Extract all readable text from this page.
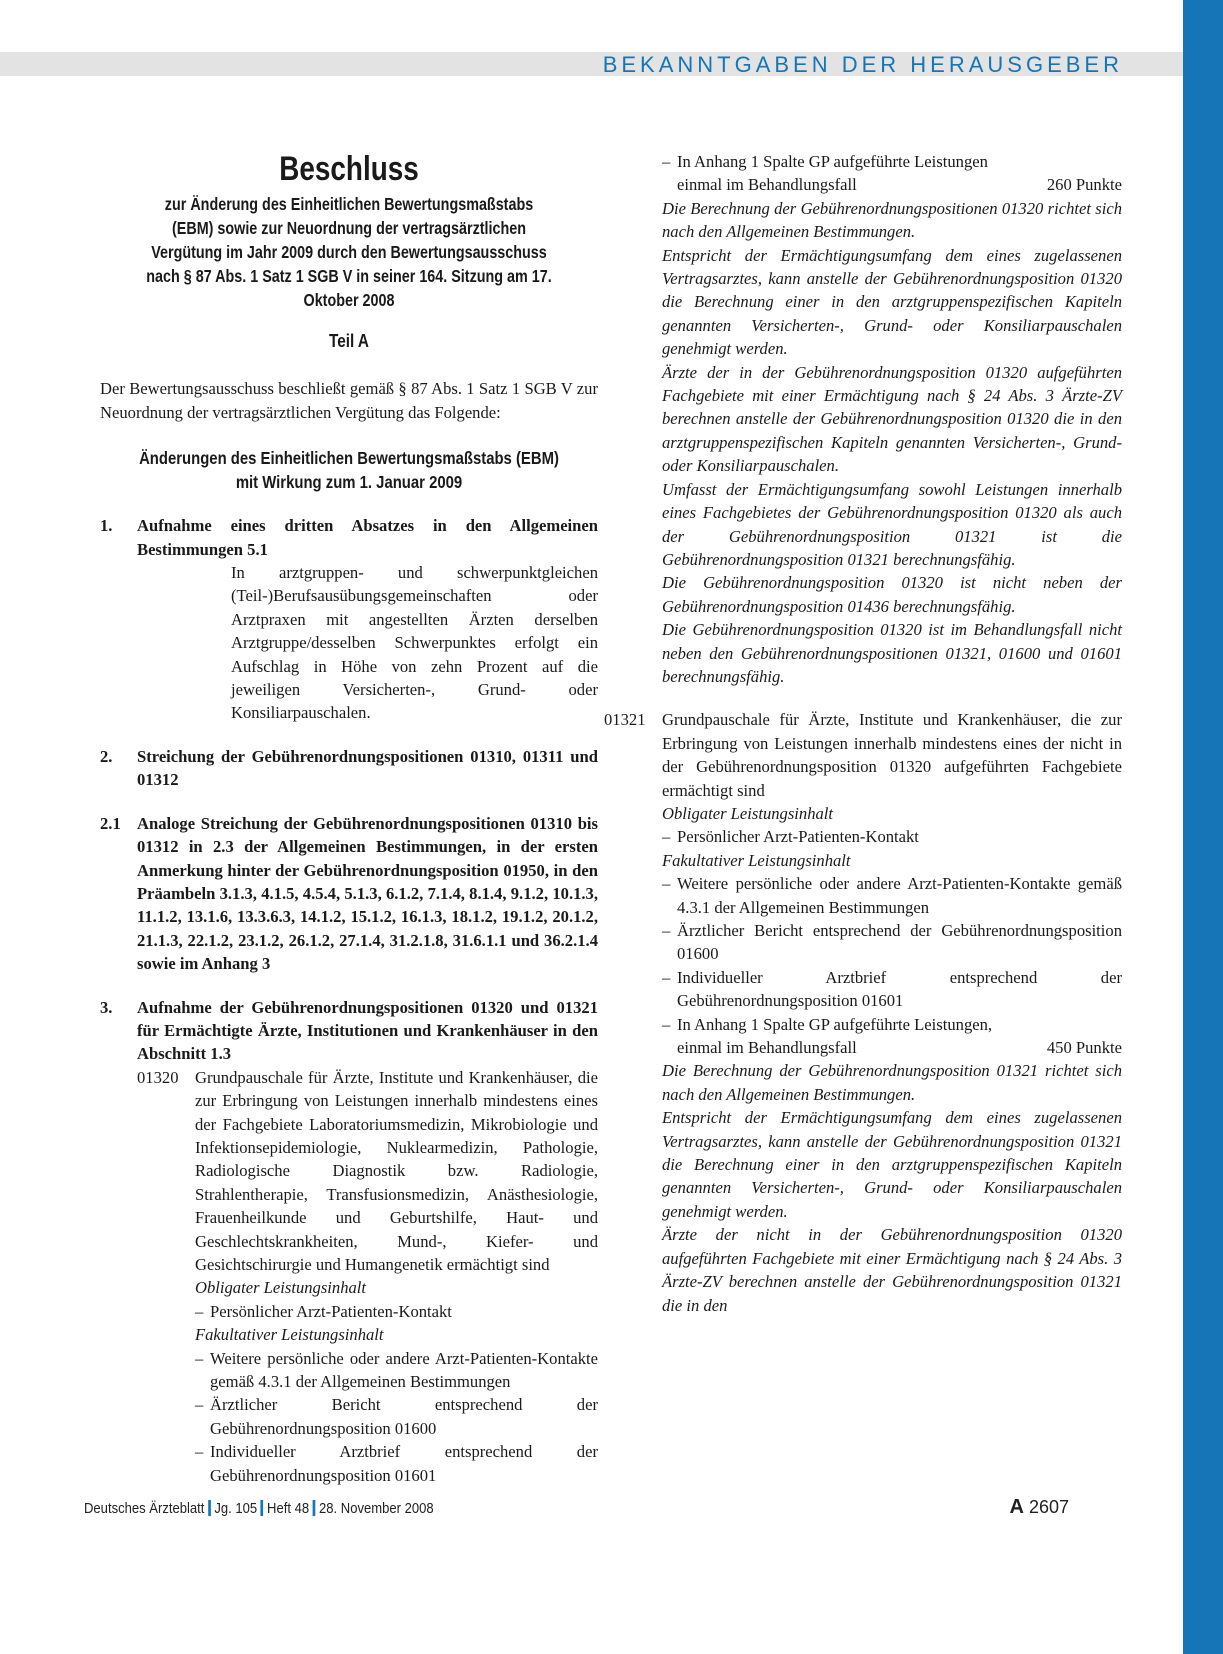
BEKANNTGABEN DER HERAUSGEBER
Beschluss
zur Änderung des Einheitlichen Bewertungsmaßstabs (EBM) sowie zur Neuordnung der vertragsärztlichen Vergütung im Jahr 2009 durch den Bewertungsausschuss nach § 87 Abs. 1 Satz 1 SGB V in seiner 164. Sitzung am 17. Oktober 2008
Teil A
Der Bewertungsausschuss beschließt gemäß § 87 Abs. 1 Satz 1 SGB V zur Neuordnung der vertragsärztlichen Vergütung das Folgende:
Änderungen des Einheitlichen Bewertungsmaßstabs (EBM) mit Wirkung zum 1. Januar 2009
1. Aufnahme eines dritten Absatzes in den Allgemeinen Bestimmungen 5.1
In arztgruppen- und schwerpunktgleichen (Teil-)Berufsausübungsgemeinschaften oder Arztpraxen mit angestellten Ärzten derselben Arztgruppe/desselben Schwerpunktes erfolgt ein Aufschlag in Höhe von zehn Prozent auf die jeweiligen Versicherten-, Grund- oder Konsiliarpauschalen.
2. Streichung der Gebührenordnungspositionen 01310, 01311 und 01312
2.1 Analoge Streichung der Gebührenordnungspositionen 01310 bis 01312 in 2.3 der Allgemeinen Bestimmungen, in der ersten Anmerkung hinter der Gebührenordnungsposition 01950, in den Präambeln 3.1.3, 4.1.5, 4.5.4, 5.1.3, 6.1.2, 7.1.4, 8.1.4, 9.1.2, 10.1.3, 11.1.2, 13.1.6, 13.3.6.3, 14.1.2, 15.1.2, 16.1.3, 18.1.2, 19.1.2, 20.1.2, 21.1.3, 22.1.2, 23.1.2, 26.1.2, 27.1.4, 31.2.1.8, 31.6.1.1 und 36.2.1.4 sowie im Anhang 3
3. Aufnahme der Gebührenordnungspositionen 01320 und 01321 für Ermächtigte Ärzte, Institutionen und Krankenhäuser in den Abschnitt 1.3
01320 Grundpauschale für Ärzte, Institute und Krankenhäuser, die zur Erbringung von Leistungen innerhalb mindestens eines der Fachgebiete Laboratoriumsmedizin, Mikrobiologie und Infektionsepidemiologie, Nuklearmedizin, Pathologie, Radiologische Diagnostik bzw. Radiologie, Strahlentherapie, Transfusionsmedizin, Anästhesiologie, Frauenheilkunde und Geburtshilfe, Haut- und Geschlechtskrankheiten, Mund-, Kiefer- und Gesichtschirurgie und Humangenetik ermächtigt sind
Obligater Leistungsinhalt
– Persönlicher Arzt-Patienten-Kontakt
Fakultativer Leistungsinhalt
– Weitere persönliche oder andere Arzt-Patienten-Kontakte gemäß 4.3.1 der Allgemeinen Bestimmungen
– Ärztlicher Bericht entsprechend der Gebührenordnungsposition 01600
– Individueller Arztbrief entsprechend der Gebührenordnungsposition 01601
– In Anhang 1 Spalte GP aufgeführte Leistungen
einmal im Behandlungsfall	260 Punkte
Die Berechnung der Gebührenordnungspositionen 01320 richtet sich nach den Allgemeinen Bestimmungen.
Entspricht der Ermächtigungsumfang dem eines zugelassenen Vertragsarztes, kann anstelle der Gebührenordnungsposition 01320 die Berechnung einer in den arztgruppenspezifischen Kapiteln genannten Versicherten-, Grund- oder Konsiliarpauschalen genehmigt werden.
Ärzte der in der Gebührenordnungsposition 01320 aufgeführten Fachgebiete mit einer Ermächtigung nach § 24 Abs. 3 Ärzte-ZV berechnen anstelle der Gebührenordnungsposition 01320 die in den arztgruppenspezifischen Kapiteln genannten Versicherten-, Grund- oder Konsiliarpauschalen.
Umfasst der Ermächtigungsumfang sowohl Leistungen innerhalb eines Fachgebietes der Gebührenordnungsposition 01320 als auch der Gebührenordnungsposition 01321 ist die Gebührenordnungsposition 01321 berechnungsfähig.
Die Gebührenordnungsposition 01320 ist nicht neben der Gebührenordnungsposition 01436 berechnungsfähig.
Die Gebührenordnungsposition 01320 ist im Behandlungsfall nicht neben den Gebührenordnungspositionen 01321, 01600 und 01601 berechnungsfähig.
01321 Grundpauschale für Ärzte, Institute und Krankenhäuser, die zur Erbringung von Leistungen innerhalb mindestens eines der nicht in der Gebührenordnungsposition 01320 aufgeführten Fachgebiete ermächtigt sind
Obligater Leistungsinhalt
– Persönlicher Arzt-Patienten-Kontakt
Fakultativer Leistungsinhalt
– Weitere persönliche oder andere Arzt-Patienten-Kontakte gemäß 4.3.1 der Allgemeinen Bestimmungen
– Ärztlicher Bericht entsprechend der Gebührenordnungsposition 01600
– Individueller Arztbrief entsprechend der Gebührenordnungsposition 01601
– In Anhang 1 Spalte GP aufgeführte Leistungen,
einmal im Behandlungsfall	450 Punkte
Die Berechnung der Gebührenordnungsposition 01321 richtet sich nach den Allgemeinen Bestimmungen.
Entspricht der Ermächtigungsumfang dem eines zugelassenen Vertragsarztes, kann anstelle der Gebührenordnungsposition 01321 die Berechnung einer in den arztgruppenspezifischen Kapiteln genannten Versicherten-, Grund- oder Konsiliarpauschalen genehmigt werden.
Ärzte der nicht in der Gebührenordnungsposition 01320 aufgeführten Fachgebiete mit einer Ermächtigung nach § 24 Abs. 3 Ärzte-ZV berechnen anstelle der Gebührenordnungsposition 01321 die in den
Deutsches Ärzteblatt Jg. 105 Heft 48 28. November 2008	A 2607
